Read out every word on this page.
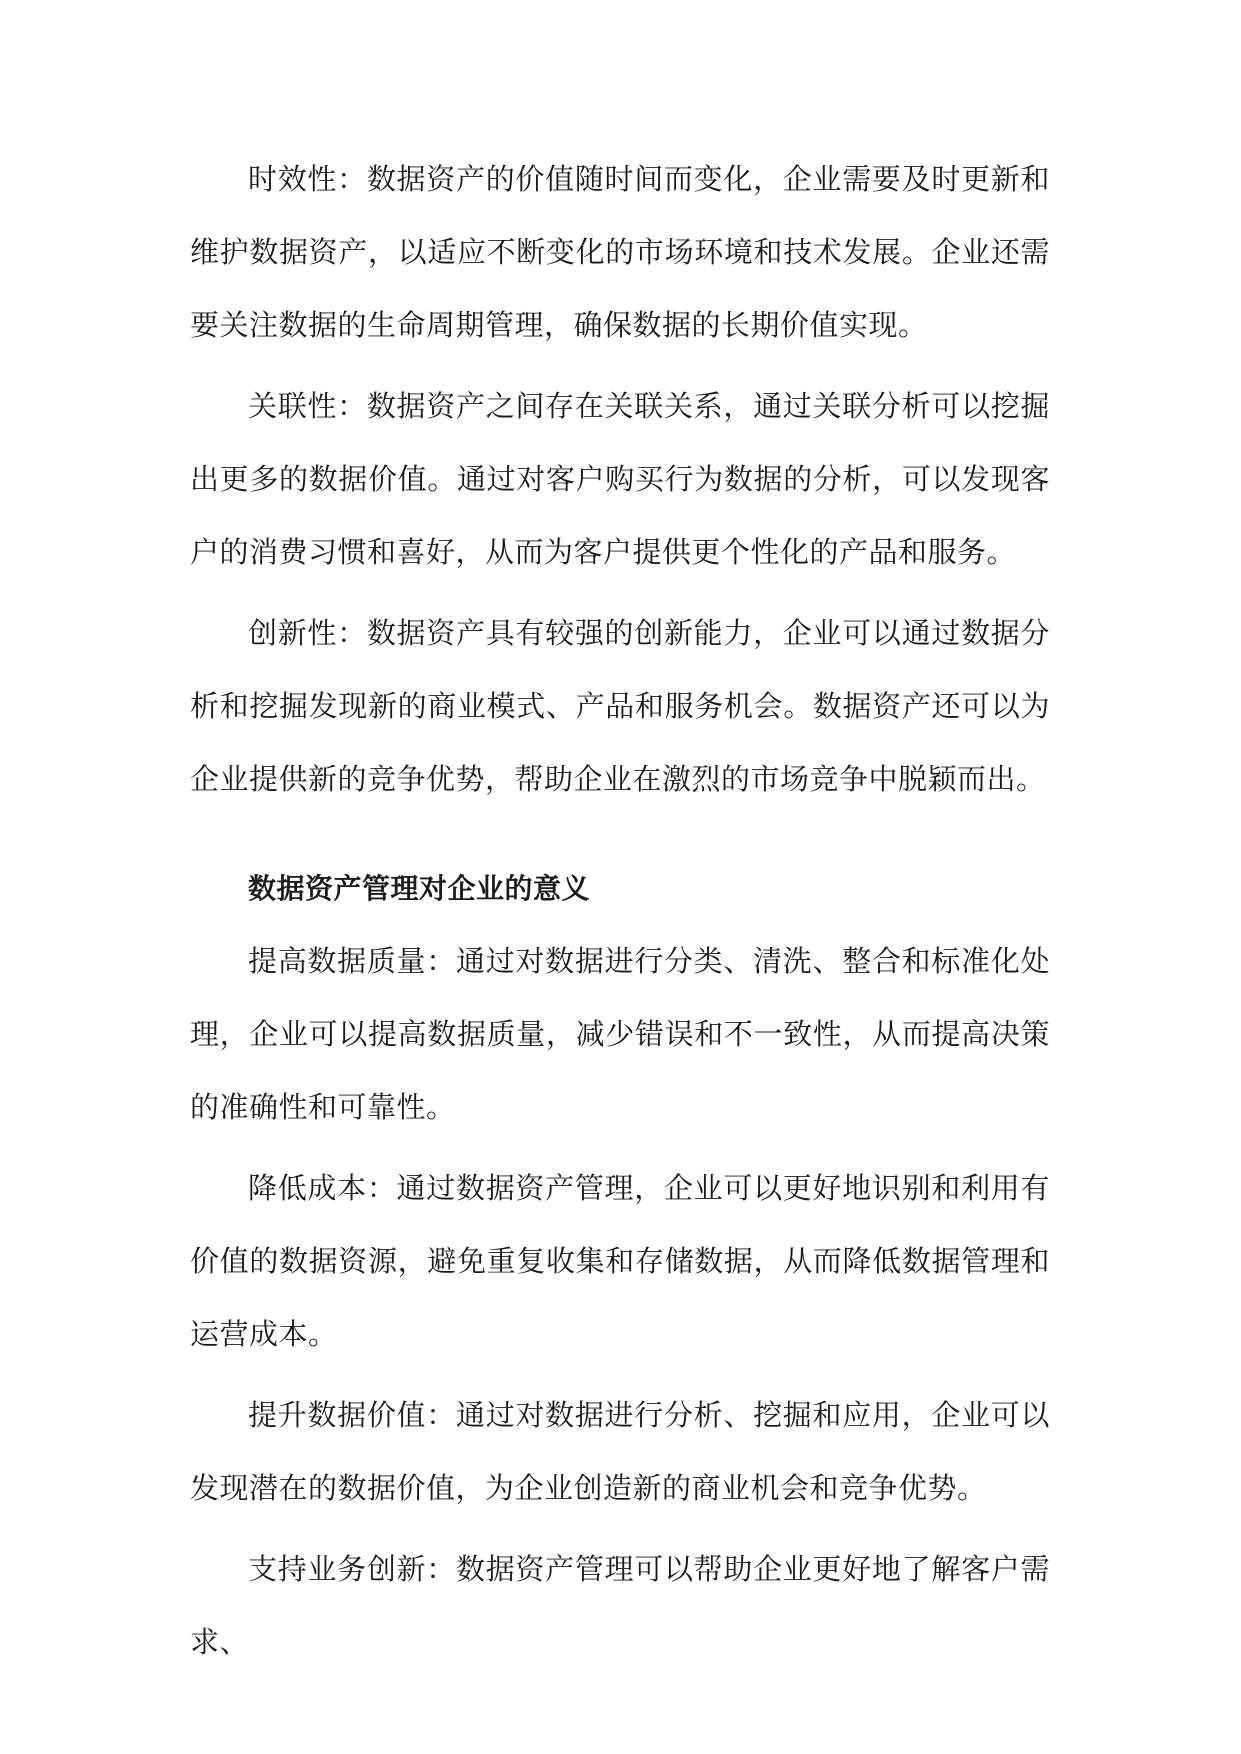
时效性：数据资产的价值随时间而变化，企业需要及时更新和维护数据资产，以适应不断变化的市场环境和技术发展。企业还需要关注数据的生命周期管理，确保数据的长期价值实现。

关联性：数据资产之间存在关联关系，通过关联分析可以挖掘出更多的数据价值。通过对客户购买行为数据的分析，可以发现客户的消费习惯和喜好，从而为客户提供更个性化的产品和服务。

创新性：数据资产具有较强的创新能力，企业可以通过数据分析和挖掘发现新的商业模式、产品和服务机会。数据资产还可以为企业提供新的竞争优势，帮助企业在激烈的市场竞争中脱颖而出。

数据资产管理对企业的意义

提高数据质量：通过对数据进行分类、清洗、整合和标准化处理，企业可以提高数据质量，减少错误和不一致性，从而提高决策的准确性和可靠性。

降低成本：通过数据资产管理，企业可以更好地识别和利用有价值的数据资源，避免重复收集和存储数据，从而降低数据管理和运营成本。

提升数据价值：通过对数据进行分析、挖掘和应用，企业可以发现潜在的数据价值，为企业创造新的商业机会和竞争优势。

支持业务创新：数据资产管理可以帮助企业更好地了解客户需求、
